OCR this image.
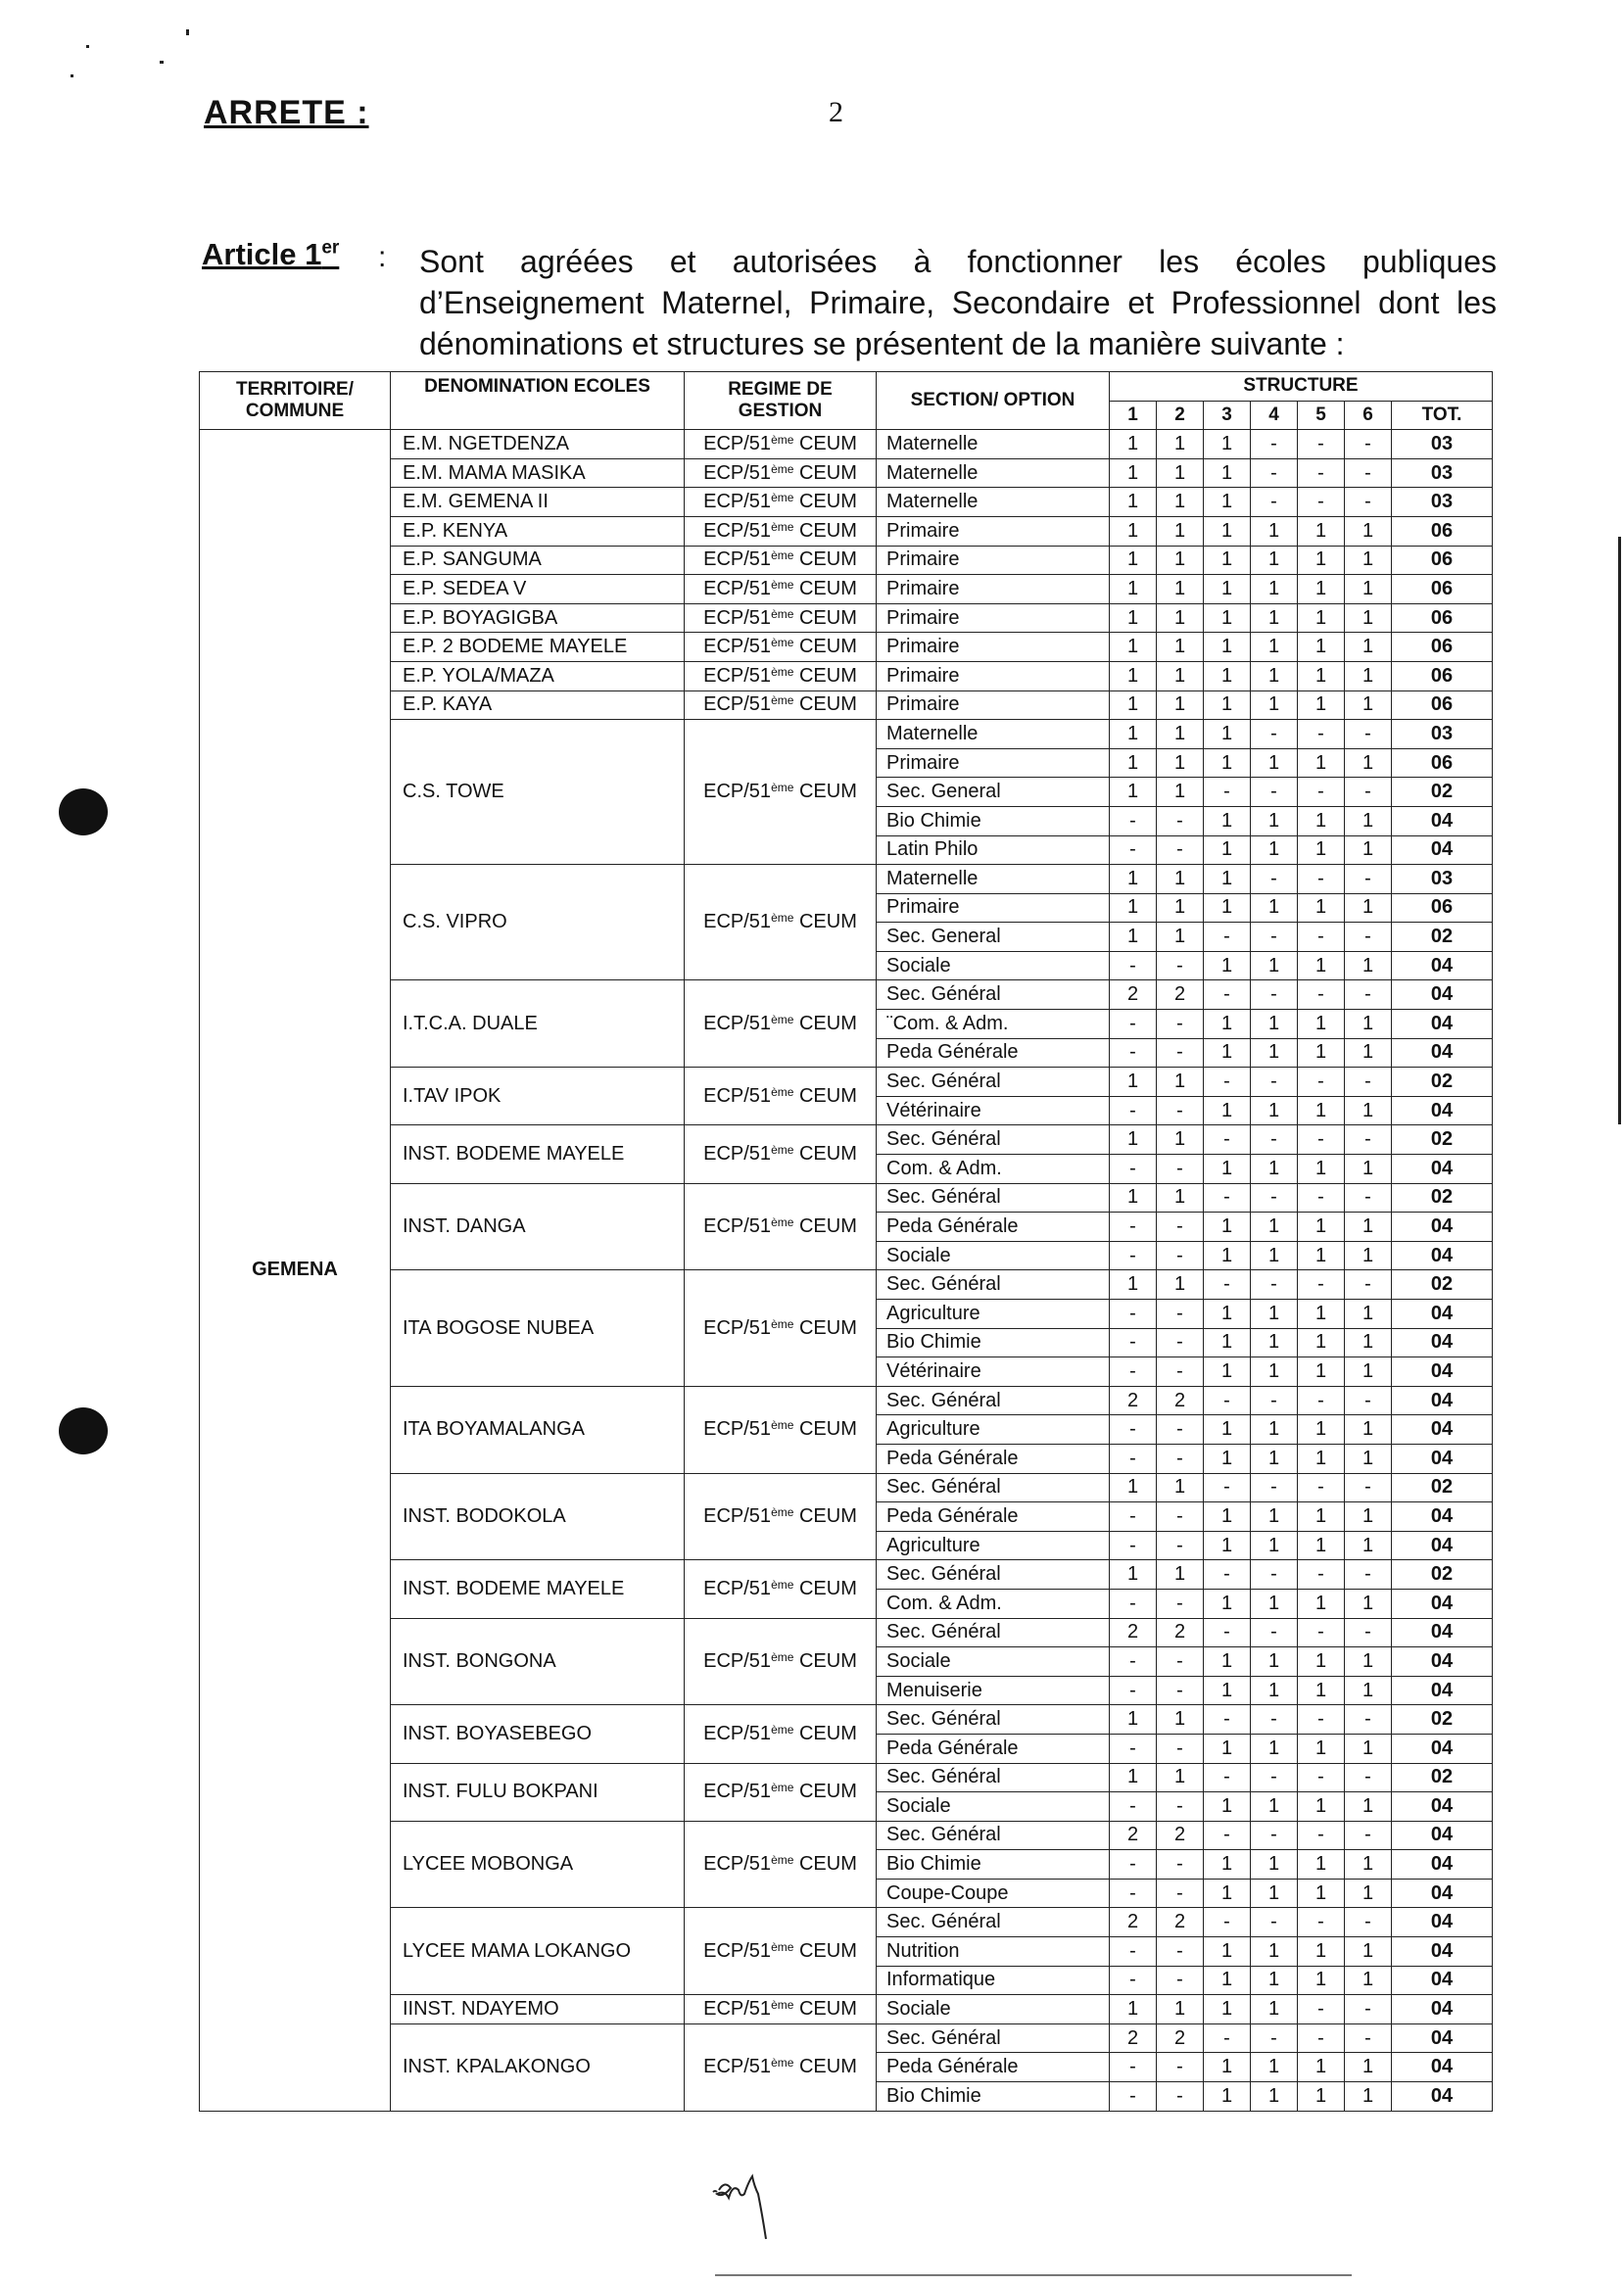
ARRETE :	2
Article 1er : Sont agréées et autorisées à fonctionner les écoles publiques d’Enseignement Maternel, Primaire, Secondaire et Professionnel dont les dénominations et structures se présentent de la manière suivante :
TERRITOIRE/ COMMUNE	DENOMINATION ECOLES	REGIME DE GESTION	SECTION/ OPTION	STRUCTURE						
				1	2	3	4	5	6	TOT.
GEMENA	E.M. NGETDENZA	ECP/51ème CEUM	Maternelle	1	1	1	-	-	-	03
	E.M. MAMA MASIKA	ECP/51ème CEUM	Maternelle	1	1	1	-	-	-	03
	E.M. GEMENA II	ECP/51ème CEUM	Maternelle	1	1	1	-	-	-	03
	E.P. KENYA	ECP/51ème CEUM	Primaire	1	1	1	1	1	1	06
	E.P. SANGUMA	ECP/51ème CEUM	Primaire	1	1	1	1	1	1	06
	E.P. SEDEA V	ECP/51ème CEUM	Primaire	1	1	1	1	1	1	06
	E.P. BOYAGIGBA	ECP/51ème CEUM	Primaire	1	1	1	1	1	1	06
	E.P. 2 BODEME MAYELE	ECP/51ème CEUM	Primaire	1	1	1	1	1	1	06
	E.P. YOLA/MAZA	ECP/51ème CEUM	Primaire	1	1	1	1	1	1	06
	E.P. KAYA	ECP/51ème CEUM	Primaire	1	1	1	1	1	1	06
	C.S. TOWE	ECP/51ème CEUM	Maternelle	1	1	1	-	-	-	03
			Primaire	1	1	1	1	1	1	06
			Sec. General	1	1	-	-	-	-	02
			Bio Chimie	-	-	1	1	1	1	04
			Latin Philo	-	-	1	1	1	1	04
	C.S. VIPRO	ECP/51ème CEUM	Maternelle	1	1	1	-	-	-	03
			Primaire	1	1	1	1	1	1	06
			Sec. General	1	1	-	-	-	-	02
			Sociale	-	-	1	1	1	1	04
	I.T.C.A. DUALE	ECP/51ème CEUM	Sec. Général	2	2	-	-	-	-	04
			¨Com. & Adm.	-	-	1	1	1	1	04
			Peda Générale	-	-	1	1	1	1	04
	I.TAV IPOK	ECP/51ème CEUM	Sec. Général	1	1	-	-	-	-	02
			Vétérinaire	-	-	1	1	1	1	04
	INST. BODEME MAYELE	ECP/51ème CEUM	Sec. Général	1	1	-	-	-	-	02
			Com. & Adm.	-	-	1	1	1	1	04
	INST. DANGA	ECP/51ème CEUM	Sec. Général	1	1	-	-	-	-	02
			Peda Générale	-	-	1	1	1	1	04
			Sociale	-	-	1	1	1	1	04
	ITA BOGOSE NUBEA	ECP/51ème CEUM	Sec. Général	1	1	-	-	-	-	02
			Agriculture	-	-	1	1	1	1	04
			Bio Chimie	-	-	1	1	1	1	04
			Vétérinaire	-	-	1	1	1	1	04
	ITA BOYAMALANGA	ECP/51ème CEUM	Sec. Général	2	2	-	-	-	-	04
			Agriculture	-	-	1	1	1	1	04
			Peda Générale	-	-	1	1	1	1	04
	INST. BODOKOLA	ECP/51ème CEUM	Sec. Général	1	1	-	-	-	-	02
			Peda Générale	-	-	1	1	1	1	04
			Agriculture	-	-	1	1	1	1	04
	INST. BODEME MAYELE	ECP/51ème CEUM	Sec. Général	1	1	-	-	-	-	02
			Com. & Adm.	-	-	1	1	1	1	04
	INST. BONGONA	ECP/51ème CEUM	Sec. Général	2	2	-	-	-	-	04
			Sociale	-	-	1	1	1	1	04
			Menuiserie	-	-	1	1	1	1	04
	INST. BOYASEBEGO	ECP/51ème CEUM	Sec. Général	1	1	-	-	-	-	02
			Peda Générale	-	-	1	1	1	1	04
	INST. FULU BOKPANI	ECP/51ème CEUM	Sec. Général	1	1	-	-	-	-	02
			Sociale	-	-	1	1	1	1	04
	LYCEE MOBONGA	ECP/51ème CEUM	Sec. Général	2	2	-	-	-	-	04
			Bio Chimie	-	-	1	1	1	1	04
			Coupe-Coupe	-	-	1	1	1	1	04
	LYCEE MAMA LOKANGO	ECP/51ème CEUM	Sec. Général	2	2	-	-	-	-	04
			Nutrition	-	-	1	1	1	1	04
			Informatique	-	-	1	1	1	1	04
	IINST. NDAYEMO	ECP/51ème CEUM	Sociale	1	1	1	1	-	-	04
	INST. KPALAKONGO	ECP/51ème CEUM	Sec. Général	2	2	-	-	-	-	04
			Peda Générale	-	-	1	1	1	1	04
			Bio Chimie	-	-	1	1	1	1	04
